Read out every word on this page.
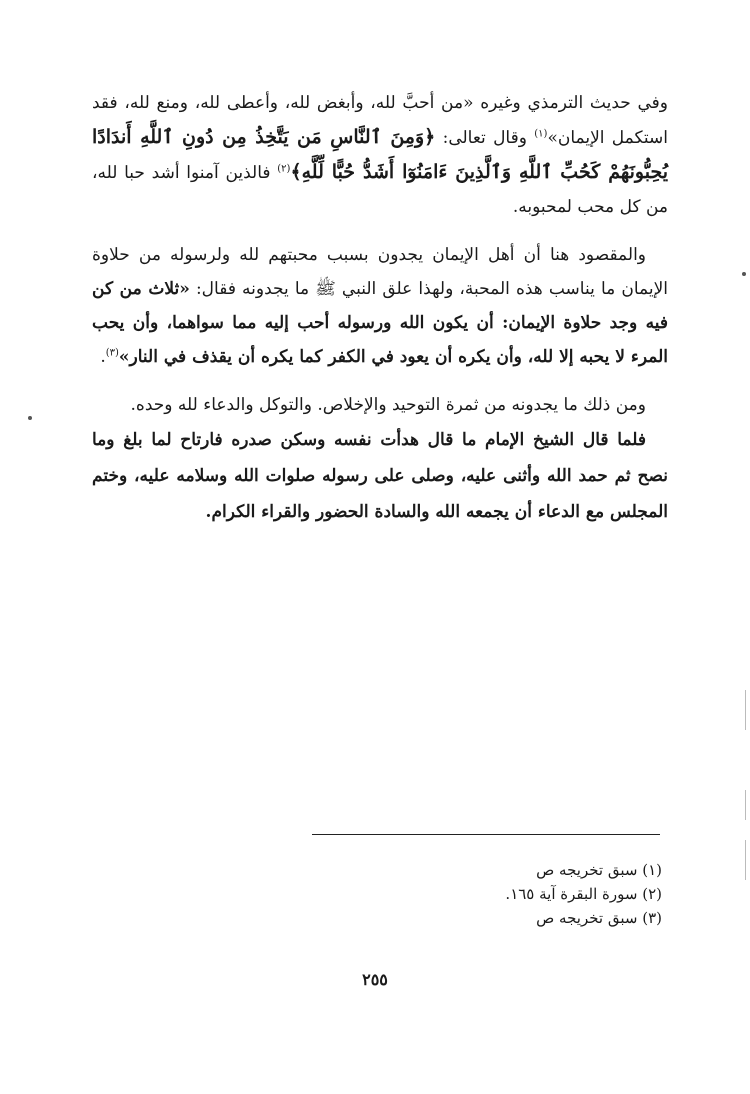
وفي حديث الترمذي وغيره «من أحبَّ لله، وأبغض لله، وأعطى لله، ومنع لله، فقد استكمل الإيمان»$^{(١)}$ وقال تعالى: ﴿وَمِنَ ٱلنَّاسِ مَن يَتَّخِذُ مِن دُونِ ٱللَّهِ أَندَادًا يُحِبُّونَهُمْ كَحُبِّ ٱللَّهِ وَٱلَّذِينَ ءَامَنُوٓا أَشَدُّ حُبًّا لِّلَّهِ﴾$^{(٢)}$ فالذين آمنوا أشد حبا لله، من كل محب لمحبوبه.

والمقصود هنا أن أهل الإيمان يجدون بسبب محبتهم لله ولرسوله من حلاوة الإيمان ما يناسب هذه المحبة، ولهذا علق النبي ﷺ ما يجدونه فقال: «ثلاث من كن فيه وجد حلاوة الإيمان: أن يكون الله ورسوله أحب إليه مما سواهما، وأن يحب المرء لا يحبه إلا لله، وأن يكره أن يعود في الكفر كما يكره أن يقذف في النار»$^{(٣)}$.

ومن ذلك ما يجدونه من ثمرة التوحيد والإخلاص. والتوكل والدعاء لله وحده.

فلما قال الشيخ الإمام ما قال هدأت نفسه وسكن صدره فارتاح لما بلغ وما نصح ثم حمد الله وأثنى عليه، وصلى على رسوله صلوات الله وسلامه عليه، وختم المجلس مع الدعاء أن يجمعه الله والسادة الحضور والقراء الكرام.

(١) سبق تخريجه ص

(٢) سورة البقرة آية ١٦٥.

(٣) سبق تخريجه ص

٢٥٥
